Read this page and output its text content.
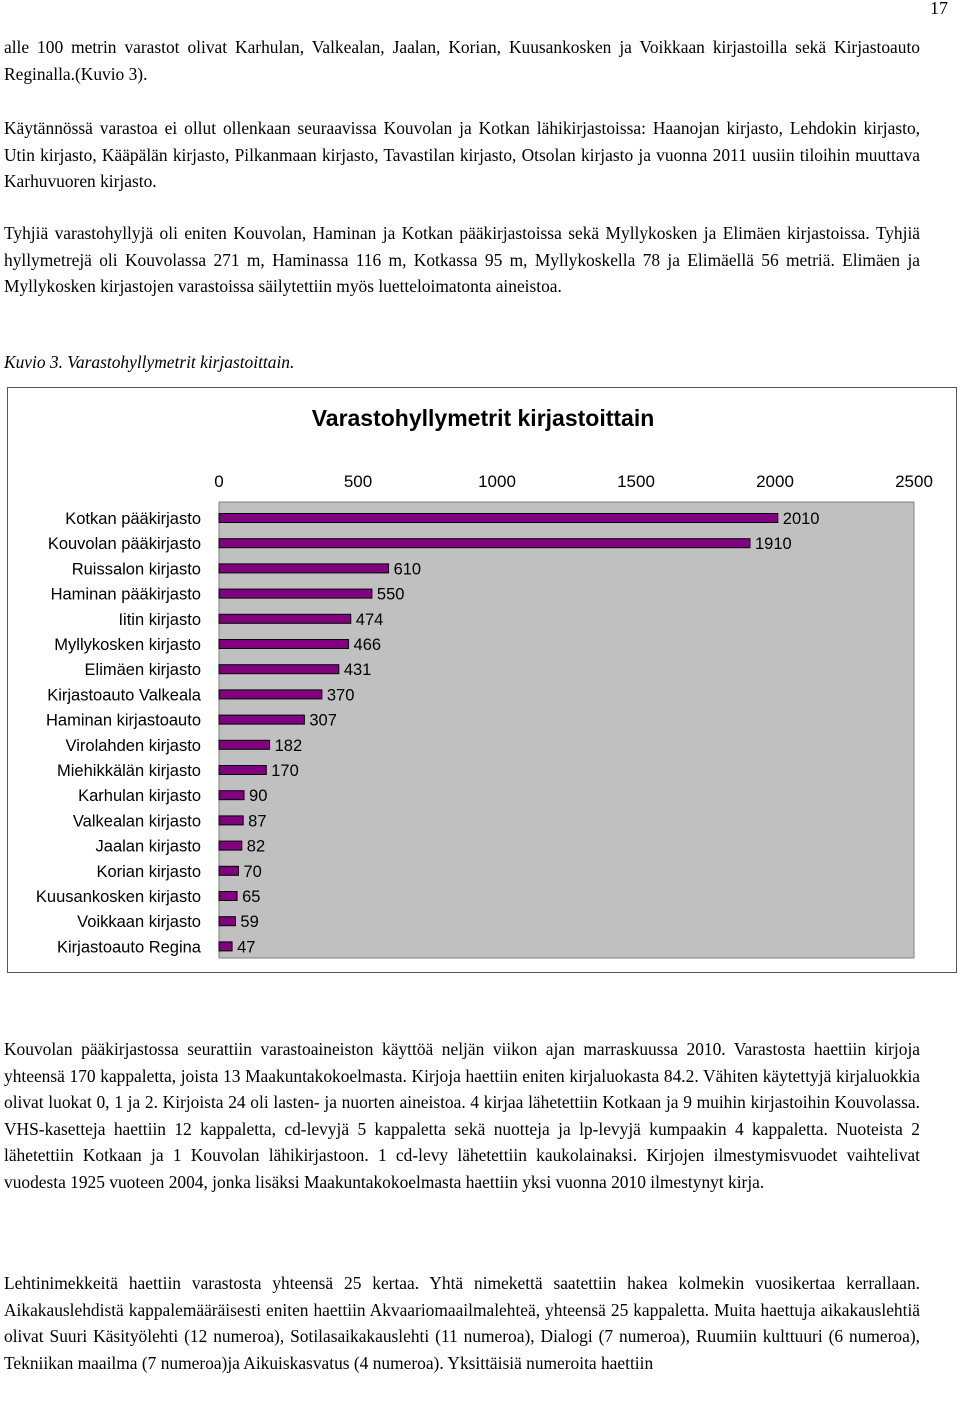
17

alle 100 metrin varastot olivat Karhulan, Valkealan, Jaalan, Korian, Kuusankosken ja Voikkaan kirjastoilla sekä Kirjastoauto Reginalla.(Kuvio 3).

Käytännössä varastoa ei ollut ollenkaan seuraavissa Kouvolan ja Kotkan lähikirjastoissa: Haanojan kirjasto, Lehdokin kirjasto, Utin kirjasto, Kääpälän kirjasto, Pilkanmaan kirjasto, Tavastilan kirjasto, Otsolan kirjasto ja vuonna 2011 uusiin tiloihin muuttava Karhuvuoren kirjasto.

Tyhjiä varastohyllyjä oli eniten Kouvolan, Haminan ja Kotkan pääkirjastoissa sekä Myllykosken ja Elimäen kirjastoissa. Tyhjiä hyllymetrejä oli Kouvolassa 271 m, Haminassa 116 m, Kotkassa 95 m, Myllykoskella 78 ja Elimäellä 56 metriä. Elimäen ja Myllykosken kirjastojen varastoissa säilytettiin myös luetteloimatonta aineistoa.

Kuvio 3. Varastohyllymetrit kirjastoittain.
Varastohyllymetrit kirjastoittain
0	500	1000	1500	2000	2500
Kotkan pääkirjasto
Kouvolan pääkirjasto
Ruissalon kirjasto
Haminan pääkirjasto
Iitin kirjasto
Myllykosken kirjasto
Elimäen kirjasto
Kirjastoauto Valkeala
Haminan kirjastoauto
Virolahden kirjasto
Miehikkälän kirjasto
Karhulan kirjasto
Valkealan kirjasto
Jaalan kirjasto
Korian kirjasto
Kuusankosken kirjasto
Voikkaan kirjasto
Kirjastoauto Regina
2010
1910
610
550
474
466
431
370
307
182
170
90
87
82
70
65
59
47

Kouvolan pääkirjastossa seurattiin varastoaineiston käyttöä neljän viikon ajan marraskuussa 2010. Varastosta haettiin kirjoja yhteensä 170 kappaletta, joista 13 Maakuntakokoelmasta. Kirjoja haettiin eniten kirjaluokasta 84.2. Vähiten käytettyjä kirjaluokkia olivat luokat 0, 1 ja 2. Kirjoista 24 oli lasten- ja nuorten aineistoa. 4 kirjaa lähetettiin Kotkaan ja 9 muihin kirjastoihin Kouvolassa. VHS-kasetteja haettiin 12 kappaletta, cd-levyjä 5 kappaletta sekä nuotteja ja lp-levyjä kumpaakin 4 kappaletta. Nuoteista 2 lähetettiin Kotkaan ja 1 Kouvolan lähikirjastoon. 1 cd-levy lähetettiin kaukolainaksi. Kirjojen ilmestymisvuodet vaihtelivat vuodesta 1925 vuoteen 2004, jonka lisäksi Maakuntakokoelmasta haettiin yksi vuonna 2010 ilmestynyt kirja.

Lehtinimekkeitä haettiin varastosta yhteensä 25 kertaa. Yhtä nimekettä saatettiin hakea kolmekin vuosikertaa kerrallaan. Aikakauslehdistä kappalemääräisesti eniten haettiin Akvaariomaailmalehteä, yhteensä 25 kappaletta. Muita haettuja aikakauslehtiä olivat Suuri Käsityölehti (12 numeroa), Sotilasaikakauslehti (11 numeroa), Dialogi (7 numeroa), Ruumiin kulttuuri (6 numeroa), Tekniikan maailma (7 numeroa)ja Aikuiskasvatus (4 numeroa). Yksittäisiä numeroita haettiin
